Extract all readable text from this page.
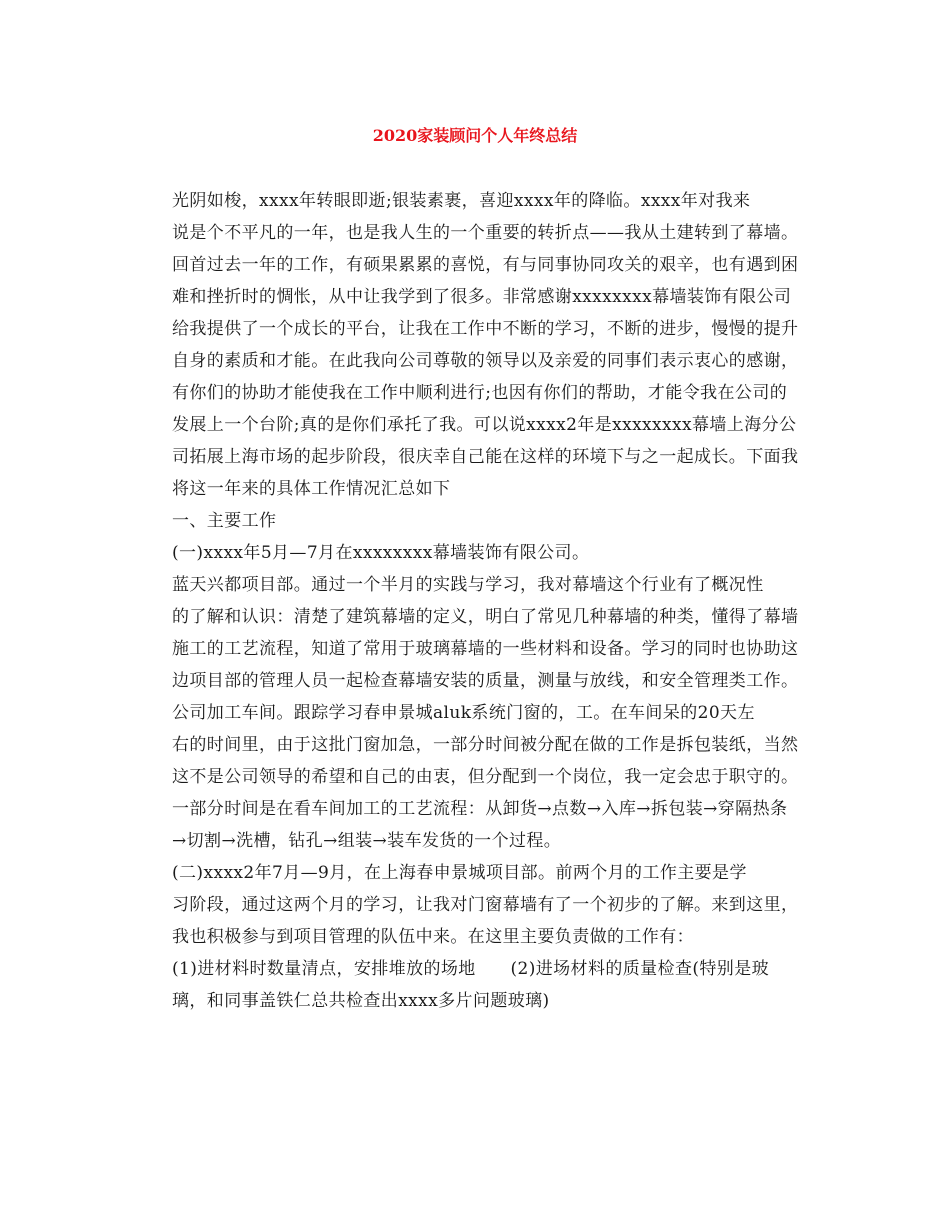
2020家装顾问个人年终总结
光阴如梭，xxxx年转眼即逝;银装素裹，喜迎xxxx年的降临。xxxx年对我来
说是个不平凡的一年，也是我人生的一个重要的转折点——我从土建转到了幕墙。
回首过去一年的工作，有硕果累累的喜悦，有与同事协同攻关的艰辛，也有遇到困
难和挫折时的惆怅，从中让我学到了很多。非常感谢xxxxxxxx幕墙装饰有限公司
给我提供了一个成长的平台，让我在工作中不断的学习，不断的进步，慢慢的提升
自身的素质和才能。在此我向公司尊敬的领导以及亲爱的同事们表示衷心的感谢，
有你们的协助才能使我在工作中顺利进行;也因有你们的帮助，才能令我在公司的
发展上一个台阶;真的是你们承托了我。可以说xxxx2年是xxxxxxxx幕墙上海分公
司拓展上海市场的起步阶段，很庆幸自己能在这样的环境下与之一起成长。下面我
将这一年来的具体工作情况汇总如下
一、主要工作
(一)xxxx年5月—7月在xxxxxxxx幕墙装饰有限公司。
蓝天兴都项目部。通过一个半月的实践与学习，我对幕墙这个行业有了概况性
的了解和认识：清楚了建筑幕墙的定义，明白了常见几种幕墙的种类，懂得了幕墙
施工的工艺流程，知道了常用于玻璃幕墙的一些材料和设备。学习的同时也协助这
边项目部的管理人员一起检查幕墙安装的质量，测量与放线，和安全管理类工作。
公司加工车间。跟踪学习春申景城aluk系统门窗的，工。在车间呆的20天左
右的时间里，由于这批门窗加急，一部分时间被分配在做的工作是拆包装纸，当然
这不是公司领导的希望和自己的由衷，但分配到一个岗位，我一定会忠于职守的。
一部分时间是在看车间加工的工艺流程：从卸货→点数→入库→拆包装→穿隔热条
→切割→洗槽，钻孔→组装→装车发货的一个过程。
(二)xxxx2年7月—9月，在上海春申景城项目部。前两个月的工作主要是学
习阶段，通过这两个月的学习，让我对门窗幕墙有了一个初步的了解。来到这里，
我也积极参与到项目管理的队伍中来。在这里主要负责做的工作有：
(1)进材料时数量清点，安排堆放的场地　　(2)进场材料的质量检查(特别是玻
璃，和同事盖铁仁总共检查出xxxx多片问题玻璃)
